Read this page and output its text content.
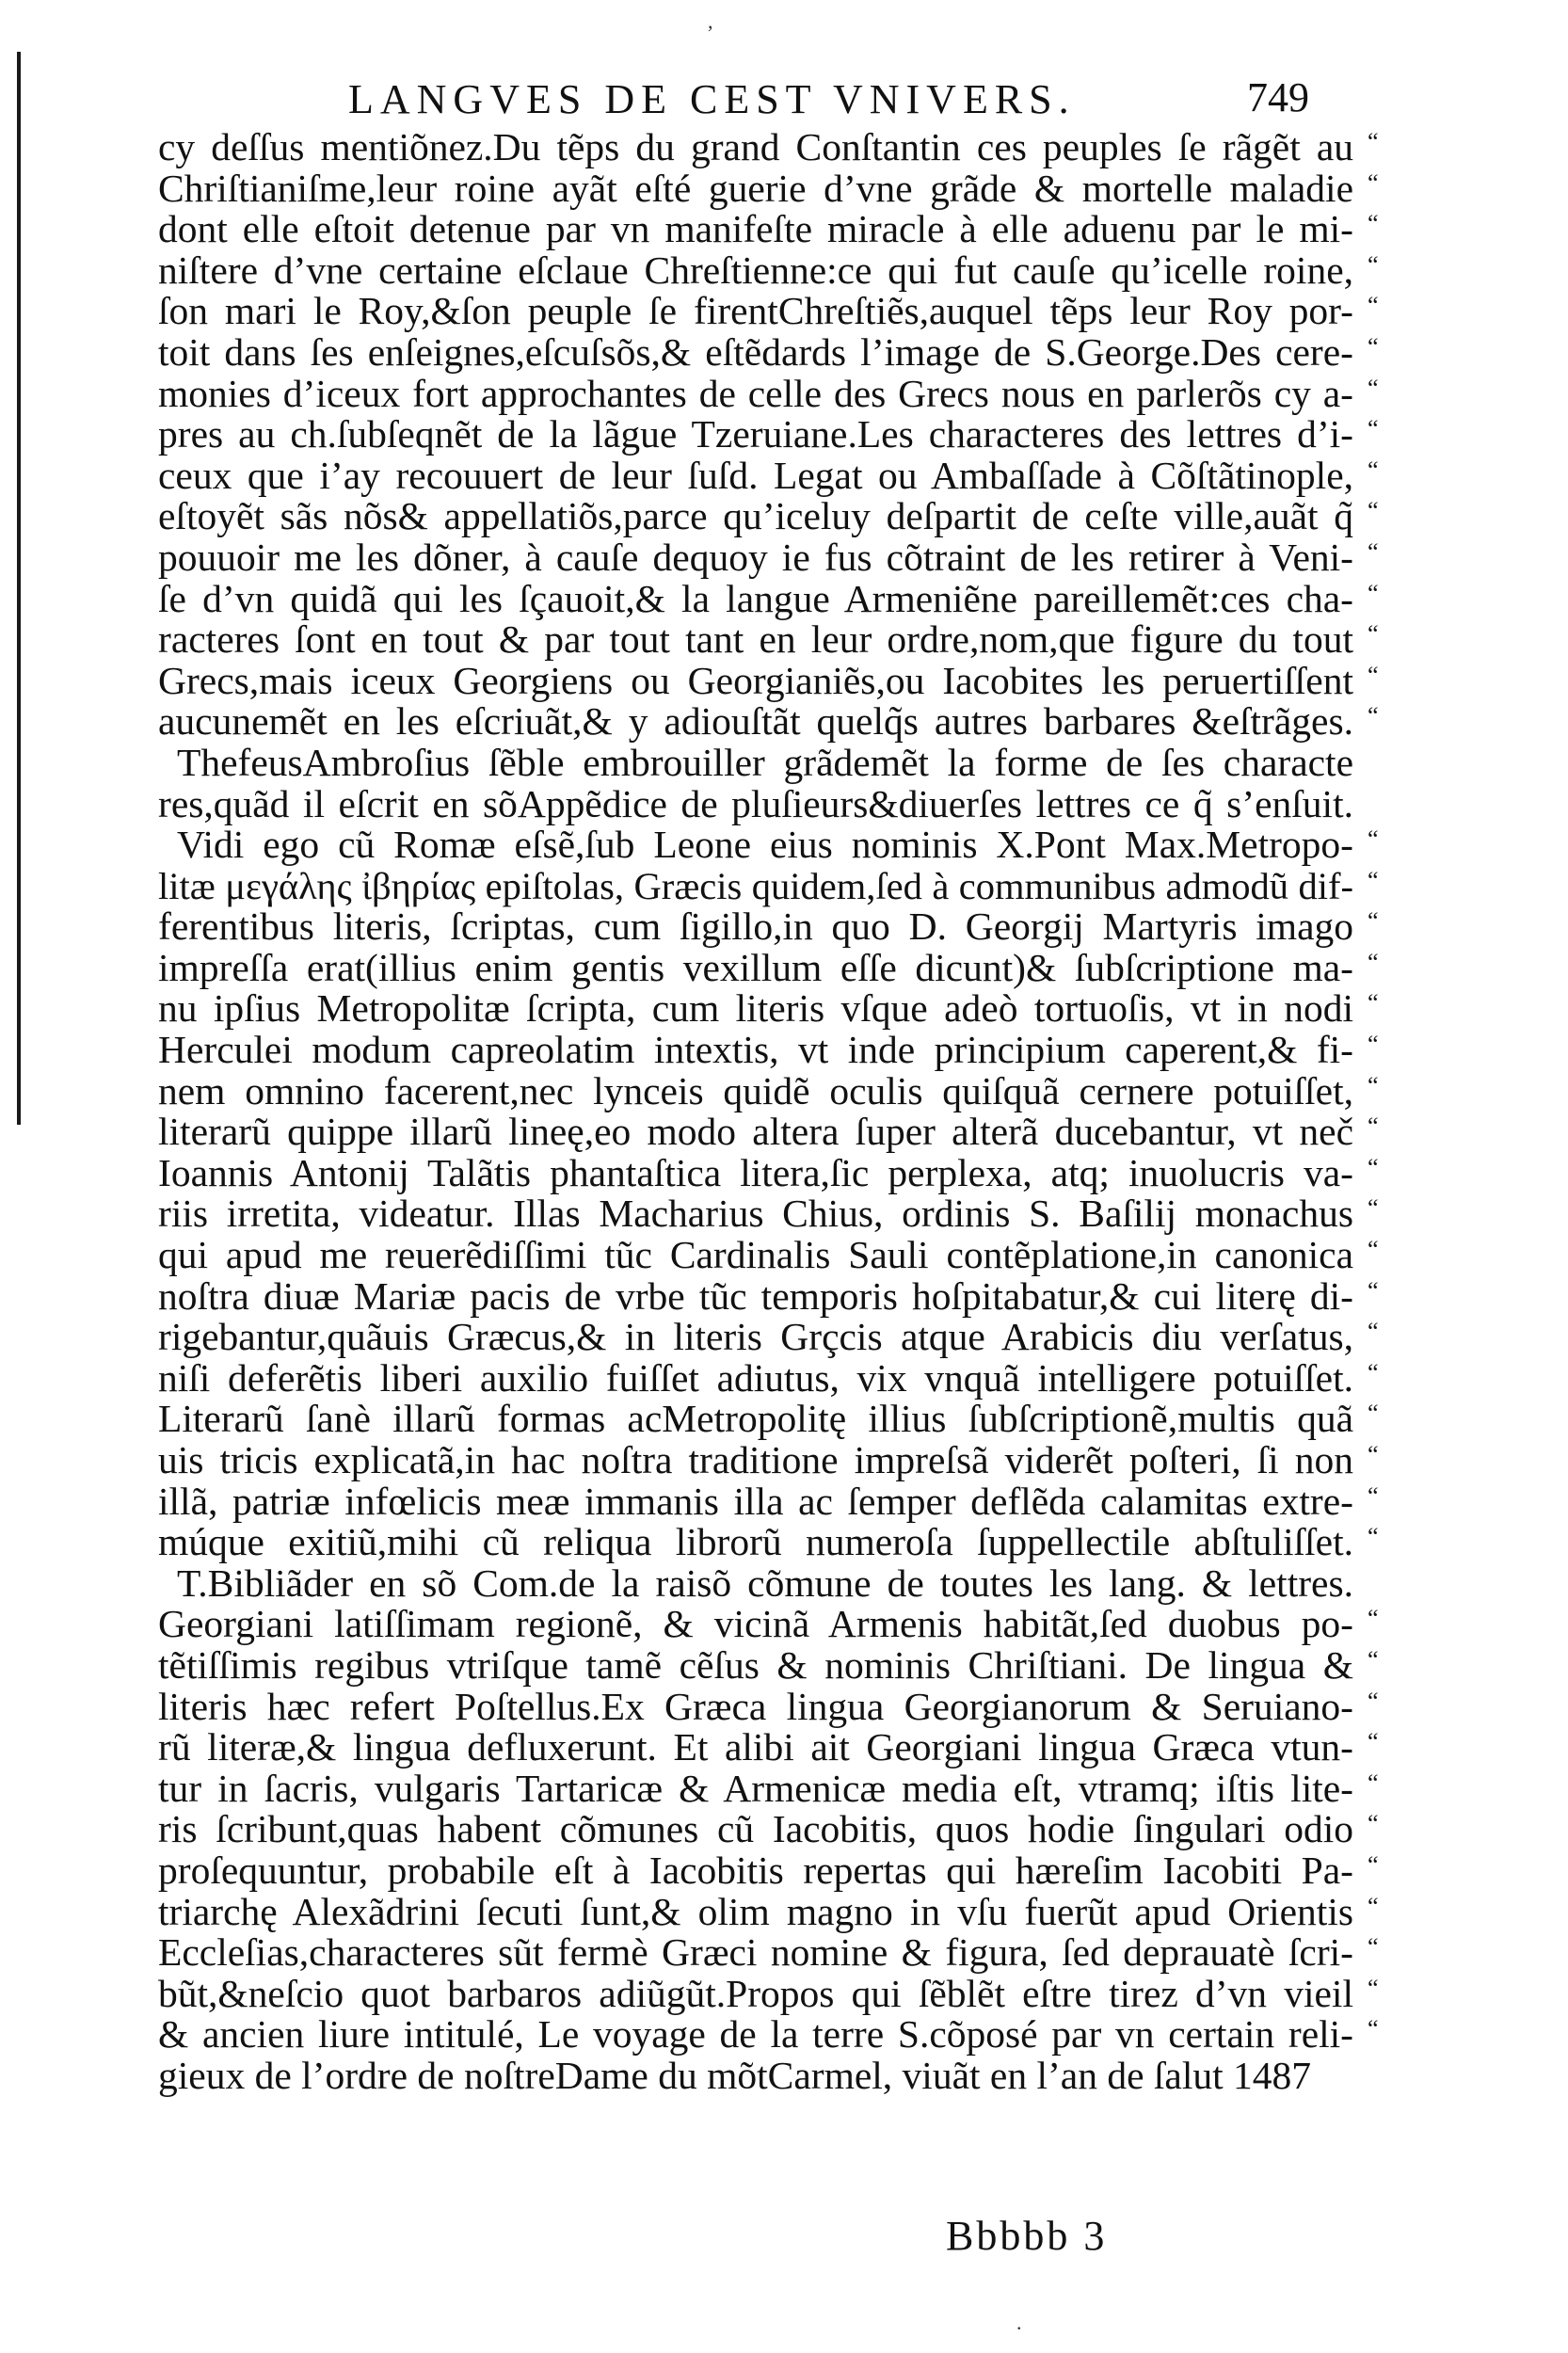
LANGVES DE CEST VNIVERS.	749
cy deſſus mentiõnez.Du tẽps du grand Conſtantin ces peuples ſe rãgẽt au “
Chriſtianiſme,leur roine ayãt eſté guerie d’vne grãde & mortelle maladie “
dont elle eſtoit detenue par vn manifeſte miracle à elle aduenu par le mi- “
niſtere d’vne certaine eſclaue Chreſtienne:ce qui fut cauſe qu’icelle roine, “
ſon mari le Roy,&ſon peuple ſe firentChreſtiẽs,auquel tẽps leur Roy por- “
toit dans ſes enſeignes,eſcuſsõs,& eſtẽdards l’image de S.George.Des cere- “
monies d’iceux fort approchantes de celle des Grecs nous en parlerõs cy a- “
pres au ch.ſubſeqnẽt de la lãgue Tzeruiane.Les characteres des lettres d’i- “
ceux que i’ay recouuert de leur ſuſd. Legat ou Ambaſſade à Cõſtãtinople, “
eſtoyẽt sãs nõs& appellatiõs,parce qu’iceluy deſpartit de ceſte ville,auãt q̃ “
pouuoir me les dõner, à cauſe dequoy ie fus cõtraint de les retirer à Veni- “
ſe d’vn quidã qui les ſçauoit,& la langue Armeniẽne pareillemẽt:ces cha- “
racteres ſont en tout & par tout tant en leur ordre,nom,que figure du tout “
Grecs,mais iceux Georgiens ou Georgianiẽs,ou Iacobites les peruertiſſent “
aucunemẽt en les eſcriuãt,& y adiouſtãt quelq̃s autres barbares &eſtrãges. “
ThefeusAmbroſius ſẽble embrouiller grãdemẽt la forme de ſes characte
res,quãd il eſcrit en sõAppẽdice de pluſieurs&diuerſes lettres ce q̃ s’enſuit.
Vidi ego cũ Romæ eſsẽ,ſub Leone eius nominis X.Pont Max.Metropo- “
litæ μεγάλης ἰβηρίας epiſtolas, Græcis quidem,ſed à communibus admodũ dif- “
ferentibus literis, ſcriptas, cum ſigillo,in quo D. Georgij Martyris imago “
impreſſa erat(illius enim gentis vexillum eſſe dicunt)& ſubſcriptione ma- “
nu ipſius Metropolitæ ſcripta, cum literis vſque adeò tortuoſis, vt in nodi “
Herculei modum capreolatim intextis, vt inde principium caperent,& fi- “
nem omnino facerent,nec lynceis quidẽ oculis quiſquã cernere potuiſſet, “
literarũ quippe illarũ lineę,eo modo altera ſuper alterã ducebantur, vt neč “
Ioannis Antonij Talãtis phantaſtica litera,ſic perplexa, atq; inuolucris va- “
riis irretita, videatur. Illas Macharius Chius, ordinis S. Baſilij monachus “
qui apud me reuerẽdiſſimi tũc Cardinalis Sauli contẽplatione,in canonica “
noſtra diuæ Mariæ pacis de vrbe tũc temporis hoſpitabatur,& cui literę di- “
rigebantur,quãuis Græcus,& in literis Grçcis atque Arabicis diu verſatus, “
niſi deferẽtis liberi auxilio fuiſſet adiutus, vix vnquã intelligere potuiſſet. “
Literarũ ſanè illarũ formas acMetropolitę illius ſubſcriptionẽ,multis quã “
uis tricis explicatã,in hac noſtra traditione impreſsã viderẽt poſteri, ſi non “
illã, patriæ infœlicis meæ immanis illa ac ſemper deflẽda calamitas extre- “
múque exitiũ,mihi cũ reliqua librorũ numeroſa ſuppellectile abſtuliſſet. “
T.Bibliãder en sõ Com.de la raisõ cõmune de toutes les lang. & lettres.
Georgiani latiſſimam regionẽ, & vicinã Armenis habitãt,ſed duobus po- “
tẽtiſſimis regibus vtriſque tamẽ cẽſus & nominis Chriſtiani. De lingua & “
literis hæc refert Poſtellus.Ex Græca lingua Georgianorum & Seruiano- “
rũ literæ,& lingua defluxerunt. Et alibi ait Georgiani lingua Græca vtun- “
tur in ſacris, vulgaris Tartaricæ & Armenicæ media eſt, vtramq; iſtis lite- “
ris ſcribunt,quas habent cõmunes cũ Iacobitis, quos hodie ſingulari odio “
proſequuntur, probabile eſt à Iacobitis repertas qui hæreſim Iacobiti Pa- “
triarchę Alexãdrini ſecuti ſunt,& olim magno in vſu fuerũt apud Orientis “
Eccleſias,characteres sũt fermè Græci nomine & figura, ſed deprauatè ſcri- “
bũt,&neſcio quot barbaros adiũgũt.Propos qui ſẽblẽt eſtre tirez d’vn vieil “
& ancien liure intitulé, Le voyage de la terre S.cõposé par vn certain reli- “
gieux de l’ordre de noſtreDame du mõtCarmel, viuãt en l’an de ſalut 1487
Bbbbb 3
,
.
